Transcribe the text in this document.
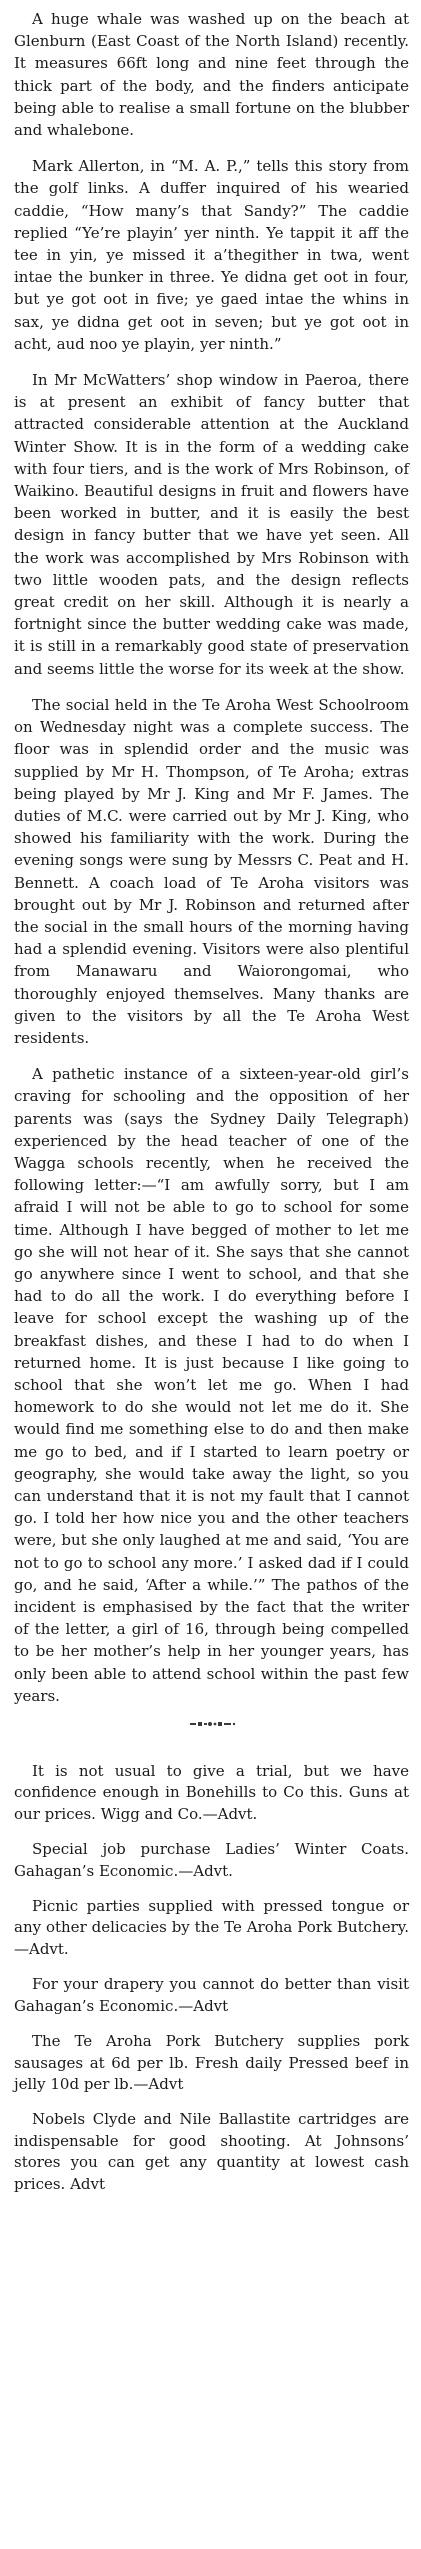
A huge whale was washed up on the beach at Glenburn (East Coast of the North Island) recently. It measures 66ft long and nine feet through the thick part of the body, and the finders anticipate being able to realise a small fortune on the blubber and whalebone.

Mark Allerton, in “M. A. P.,” tells this story from the golf links. A duffer inquired of his wearied caddie, “How many’s that Sandy?” The caddie replied “Ye’re playin’ yer ninth. Ye tappit it aff the tee in yin, ye missed it a’thegither in twa, went intae the bunker in three. Ye didna get oot in four, but ye got oot in five; ye gaed intae the whins in sax, ye didna get oot in seven; but ye got oot in acht, aud noo ye playin, yer ninth.”

In Mr McWatters’ shop window in Paeroa, there is at present an exhibit of fancy butter that attracted considerable attention at the Auckland Winter Show. It is in the form of a wedding cake with four tiers, and is the work of Mrs Robinson, of Waikino. Beautiful designs in fruit and flowers have been worked in butter, and it is easily the best design in fancy butter that we have yet seen. All the work was accomplished by Mrs Robinson with two little wooden pats, and the design reflects great credit on her skill. Although it is nearly a fortnight since the butter wedding cake was made, it is still in a remarkably good state of preservation and seems little the worse for its week at the show.

The social held in the Te Aroha West Schoolroom on Wednesday night was a complete success. The floor was in splendid order and the music was supplied by Mr H. Thompson, of Te Aroha; extras being played by Mr J. King and Mr F. James. The duties of M.C. were carried out by Mr J. King, who showed his familiarity with the work. During the evening songs were sung by Messrs C. Peat and H. Bennett. A coach load of Te Aroha visitors was brought out by Mr J. Robinson and returned after the social in the small hours of the morning having had a splendid evening. Visitors were also plentiful from Manawaru and Waiorongomai, who thoroughly enjoyed themselves. Many thanks are given to the visitors by all the Te Aroha West residents.

A pathetic instance of a sixteen-year-old girl’s craving for schooling and the opposition of her parents was (says the Sydney Daily Telegraph) experienced by the head teacher of one of the Wagga schools recently, when he received the following letter:—“I am awfully sorry, but I am afraid I will not be able to go to school for some time. Although I have begged of mother to let me go she will not hear of it. She says that she cannot go anywhere since I went to school, and that she had to do all the work. I do everything before I leave for school except the washing up of the breakfast dishes, and these I had to do when I returned home. It is just because I like going to school that she won’t let me go. When I had homework to do she would not let me do it. She would find me something else to do and then make me go to bed, and if I started to learn poetry or geography, she would take away the light, so you can understand that it is not my fault that I cannot go. I told her how nice you and the other teachers were, but she only laughed at me and said, ‘You are not to go to school any more.’ I asked dad if I could go, and he said, ‘After a while.’” The pathos of the incident is emphasised by the fact that the writer of the letter, a girl of 16, through being compelled to be her mother’s help in her younger years, has only been able to attend school within the past few years.

It is not usual to give a trial, but we have confidence enough in Bonehills to Co this. Guns at our prices. Wigg and Co.—Advt.

Special job purchase Ladies’ Winter Coats. Gahagan’s Economic.—Advt.

Picnic parties supplied with pressed tongue or any other delicacies by the Te Aroha Pork Butchery.—Advt.

For your drapery you cannot do better than visit Gahagan’s Economic.—Advt

The Te Aroha Pork Butchery supplies pork sausages at 6d per lb. Fresh daily Pressed beef in jelly 10d per lb.—Advt

Nobels Clyde and Nile Ballastite cartridges are indispensable for good shooting. At Johnsons’ stores you can get any quantity at lowest cash prices. Advt
